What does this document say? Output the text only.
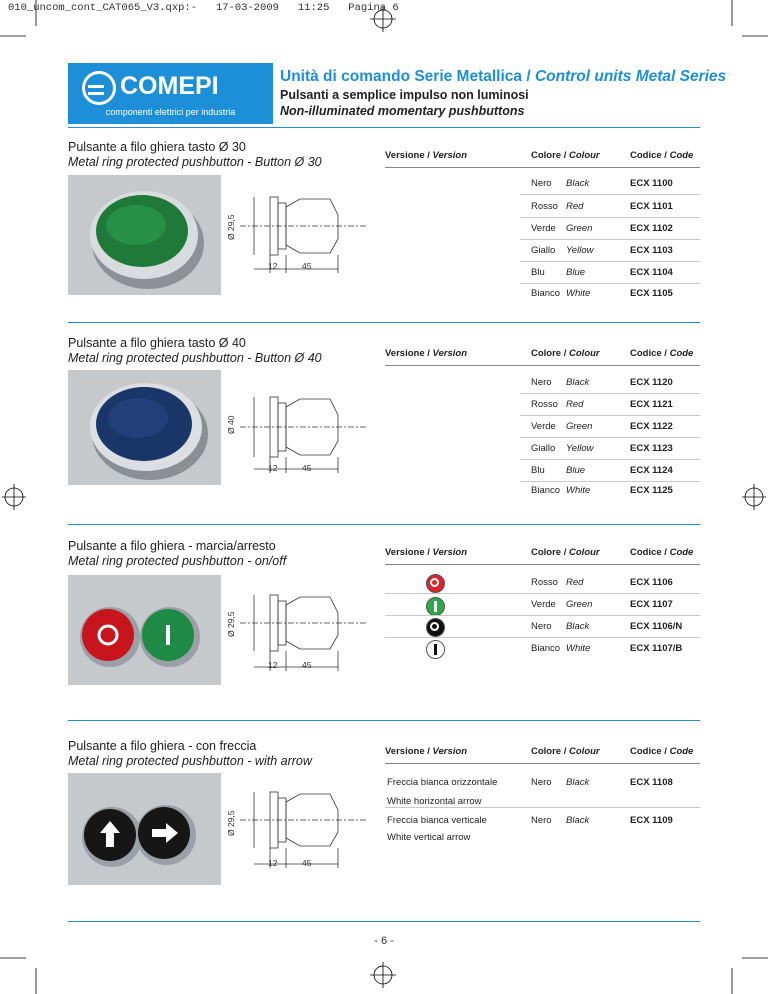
010_uncom_cont_CAT065_V3.qxp:- 17-03-2009 11:25 Pagina 6
COMEPI
componenti elettrici per industria
Unità di comando Serie Metallica / Control units Metal Series
Pulsanti a semplice impulso non luminosi
Non-illuminated momentary pushbuttons
Pulsante a filo ghiera tasto Ø 30
Metal ring protected pushbutton - Button Ø 30
Ø 29,5
12	45
Versione / Version	Colore / Colour	Codice / Code
Nero Black	ECX 1100
Rosso Red	ECX 1101
Verde Green	ECX 1102
Giallo Yellow	ECX 1103
Blu Blue	ECX 1104
Bianco White	ECX 1105
Pulsante a filo ghiera tasto Ø 40
Metal ring protected pushbutton - Button Ø 40
Ø 40
12	45
Versione / Version	Colore / Colour	Codice / Code
Nero Black	ECX 1120
Rosso Red	ECX 1121
Verde Green	ECX 1122
Giallo Yellow	ECX 1123
Blu Blue	ECX 1124
Bianco White	ECX 1125
Pulsante a filo ghiera - marcia/arresto
Metal ring protected pushbutton - on/off
Ø 29,5
12	45
Versione / Version	Colore / Colour	Codice / Code
Rosso Red	ECX 1106
Verde Green	ECX 1107
Nero Black	ECX 1106/N
Bianco White	ECX 1107/B
Pulsante a filo ghiera - con freccia
Metal ring protected pushbutton - with arrow
Ø 29,5
12	45
Versione / Version	Colore / Colour	Codice / Code
Freccia bianca orizzontale
White horizontal arrow
Nero Black	ECX 1108
Freccia bianca verticale
White vertical arrow
Nero Black	ECX 1109
- 6 -
